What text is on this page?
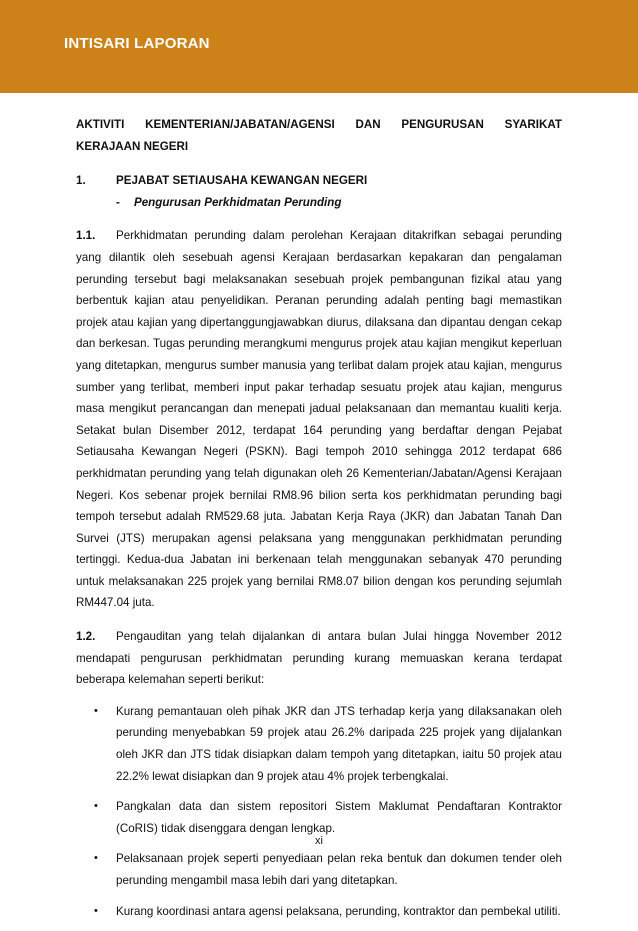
INTISARI LAPORAN
AKTIVITI KEMENTERIAN/JABATAN/AGENSI DAN PENGURUSAN SYARIKAT
KERAJAAN NEGERI
1.	PEJABAT SETIAUSAHA KEWANGAN NEGERI
- Pengurusan Perkhidmatan Perunding
1.1. Perkhidmatan perunding dalam perolehan Kerajaan ditakrifkan sebagai perunding yang dilantik oleh sesebuah agensi Kerajaan berdasarkan kepakaran dan pengalaman perunding tersebut bagi melaksanakan sesebuah projek pembangunan fizikal atau yang berbentuk kajian atau penyelidikan. Peranan perunding adalah penting bagi memastikan projek atau kajian yang dipertanggungjawabkan diurus, dilaksana dan dipantau dengan cekap dan berkesan. Tugas perunding merangkumi mengurus projek atau kajian mengikut keperluan yang ditetapkan, mengurus sumber manusia yang terlibat dalam projek atau kajian, mengurus sumber yang terlibat, memberi input pakar terhadap sesuatu projek atau kajian, mengurus masa mengikut perancangan dan menepati jadual pelaksanaan dan memantau kualiti kerja. Setakat bulan Disember 2012, terdapat 164 perunding yang berdaftar dengan Pejabat Setiausaha Kewangan Negeri (PSKN). Bagi tempoh 2010 sehingga 2012 terdapat 686 perkhidmatan perunding yang telah digunakan oleh 26 Kementerian/Jabatan/Agensi Kerajaan Negeri. Kos sebenar projek bernilai RM8.96 bilion serta kos perkhidmatan perunding bagi tempoh tersebut adalah RM529.68 juta. Jabatan Kerja Raya (JKR) dan Jabatan Tanah Dan Survei (JTS) merupakan agensi pelaksana yang menggunakan perkhidmatan perunding tertinggi. Kedua-dua Jabatan ini berkenaan telah menggunakan sebanyak 470 perunding untuk melaksanakan 225 projek yang bernilai RM8.07 bilion dengan kos perunding sejumlah RM447.04 juta.
1.2. Pengauditan yang telah dijalankan di antara bulan Julai hingga November 2012 mendapati pengurusan perkhidmatan perunding kurang memuaskan kerana terdapat beberapa kelemahan seperti berikut:
• Kurang pemantauan oleh pihak JKR dan JTS terhadap kerja yang dilaksanakan oleh perunding menyebabkan 59 projek atau 26.2% daripada 225 projek yang dijalankan oleh JKR dan JTS tidak disiapkan dalam tempoh yang ditetapkan, iaitu 50 projek atau 22.2% lewat disiapkan dan 9 projek atau 4% projek terbengkalai.
• Pangkalan data dan sistem repositori Sistem Maklumat Pendaftaran Kontraktor (CoRIS) tidak disenggara dengan lengkap.
• Pelaksanaan projek seperti penyediaan pelan reka bentuk dan dokumen tender oleh perunding mengambil masa lebih dari yang ditetapkan.
• Kurang koordinasi antara agensi pelaksana, perunding, kontraktor dan pembekal utiliti.
xi
